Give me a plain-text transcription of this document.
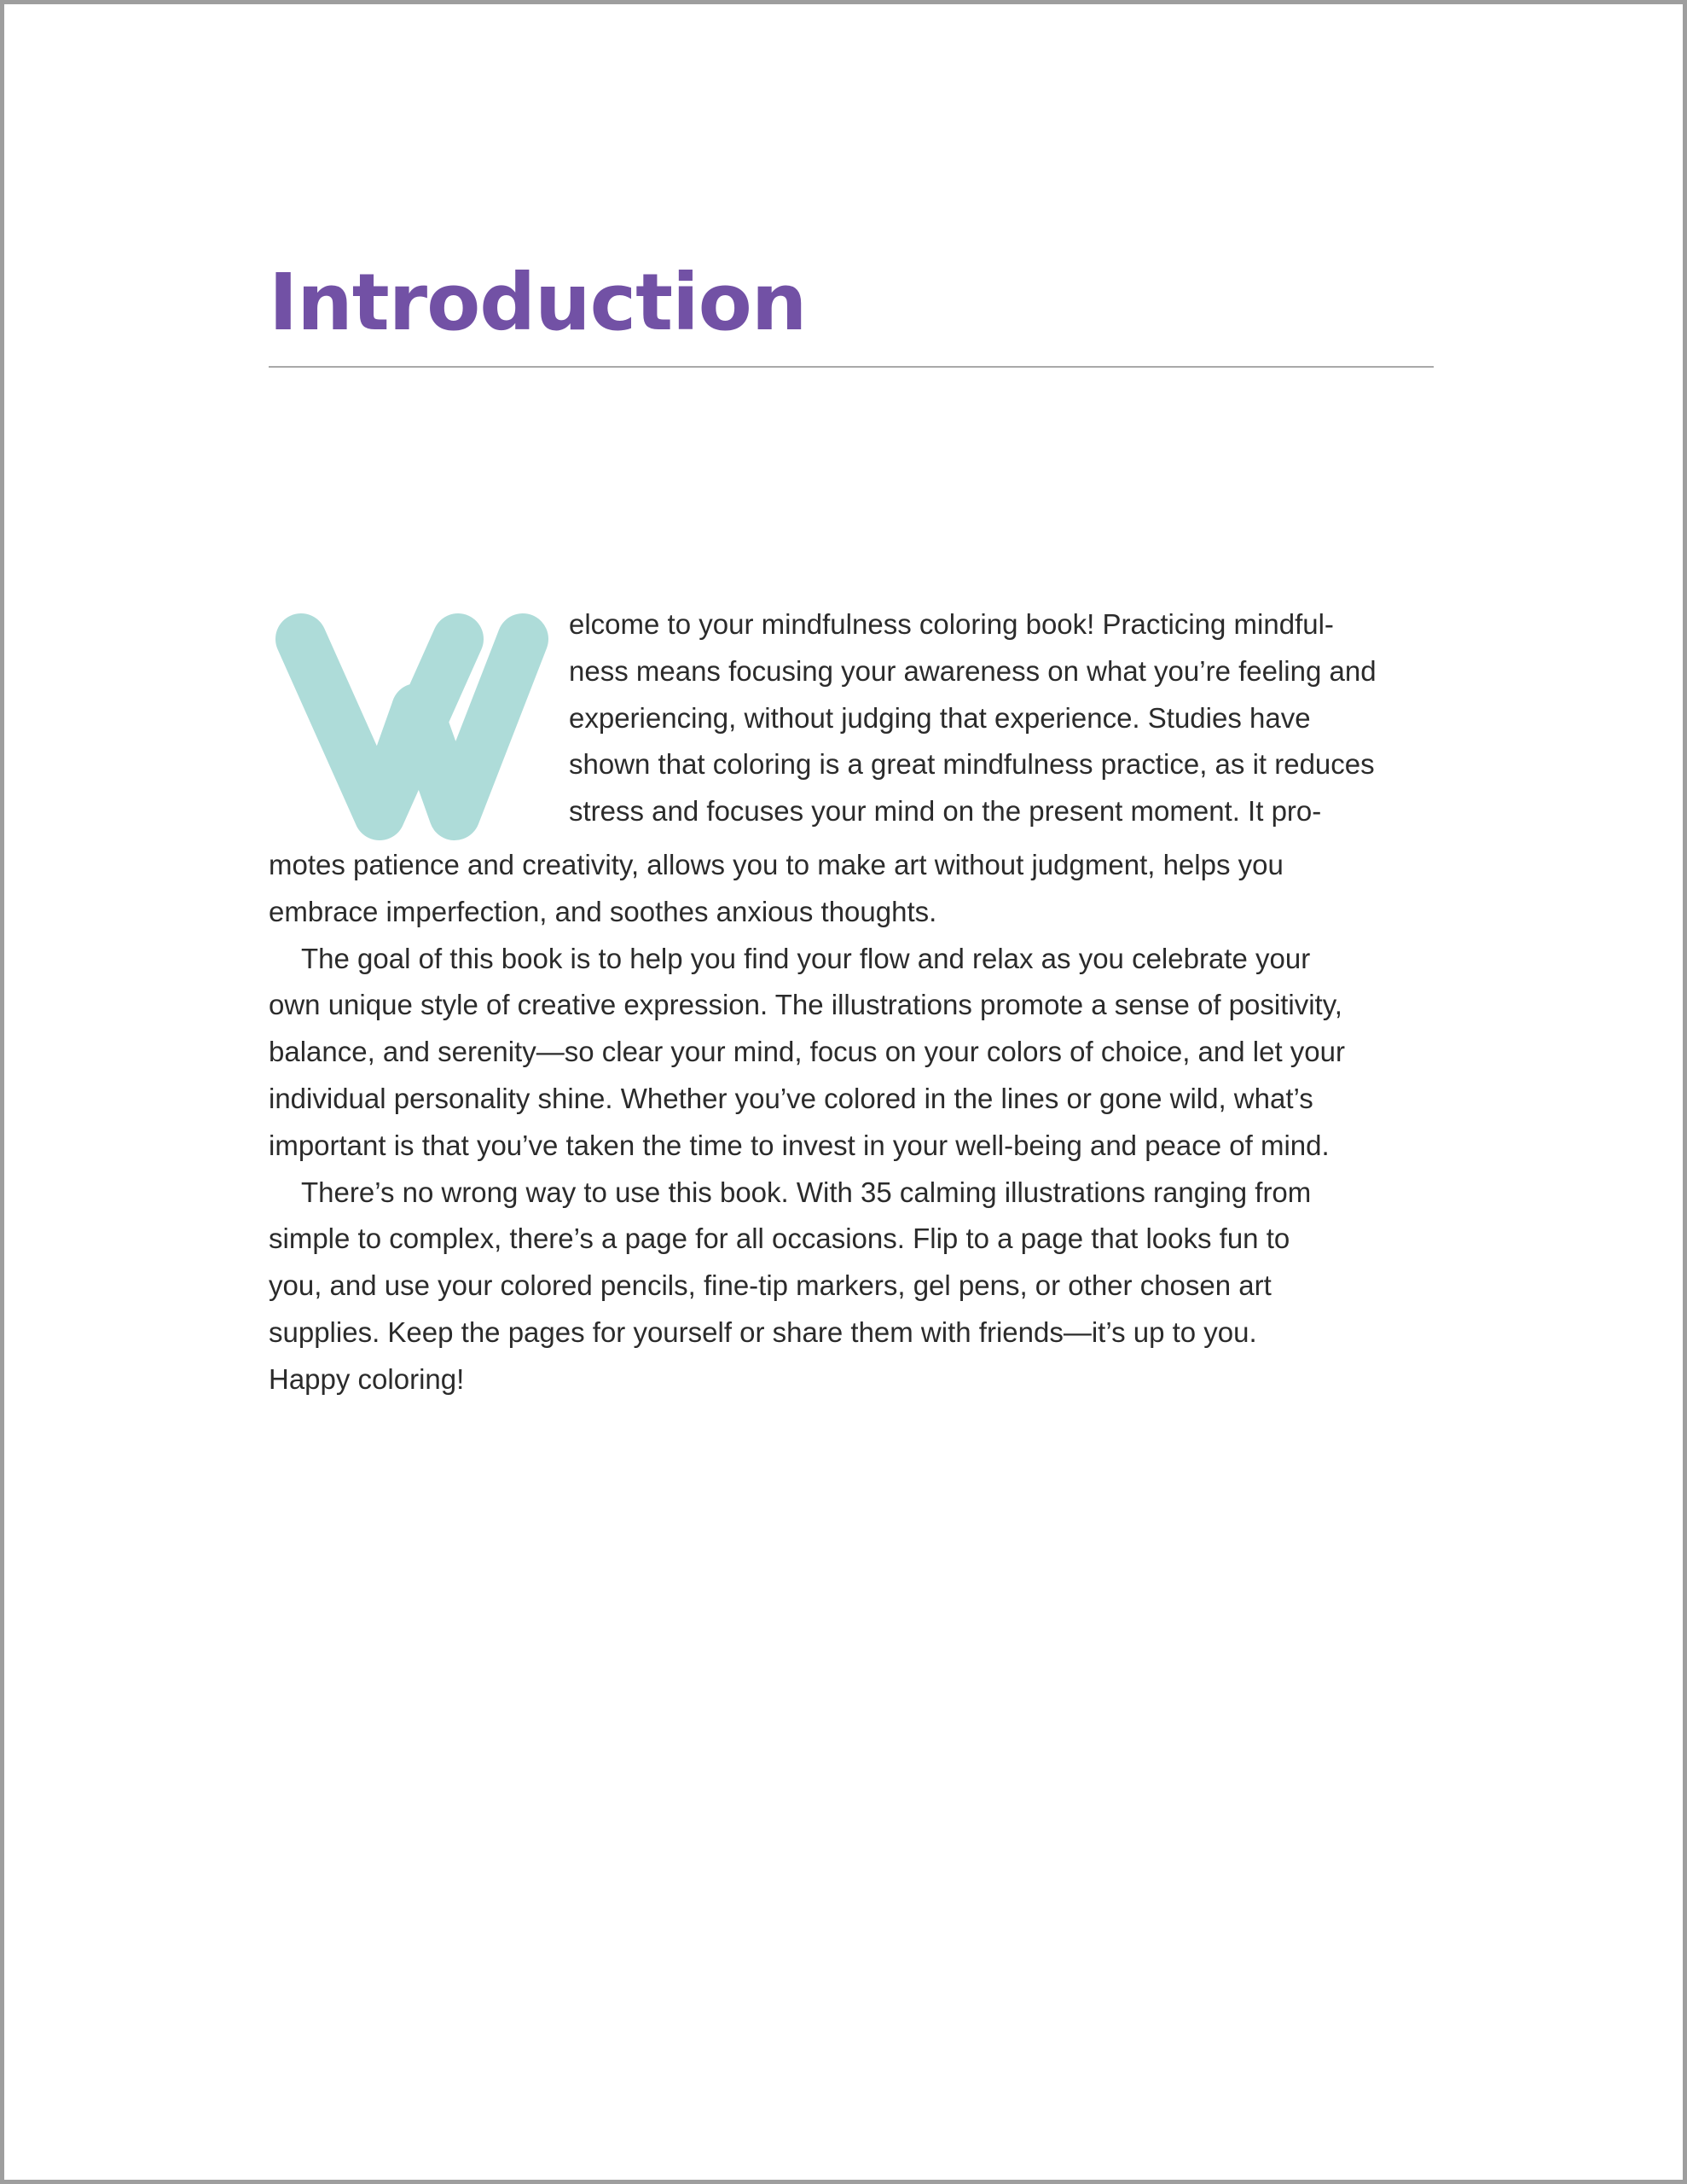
Introduction

elcome to your mindfulness coloring book! Practicing mindful-
ness means focusing your awareness on what you’re feeling and
experiencing, without judging that experience. Studies have
shown that coloring is a great mindfulness practice, as it reduces
stress and focuses your mind on the present moment. It pro-
motes patience and creativity, allows you to make art without judgment, helps you
embrace imperfection, and soothes anxious thoughts.

The goal of this book is to help you find your flow and relax as you celebrate your
own unique style of creative expression. The illustrations promote a sense of positivity,
balance, and serenity—so clear your mind, focus on your colors of choice, and let your
individual personality shine. Whether you’ve colored in the lines or gone wild, what’s
important is that you’ve taken the time to invest in your well-being and peace of mind.

There’s no wrong way to use this book. With 35 calming illustrations ranging from
simple to complex, there’s a page for all occasions. Flip to a page that looks fun to
you, and use your colored pencils, fine-tip markers, gel pens, or other chosen art
supplies. Keep the pages for yourself or share them with friends—it’s up to you.
Happy coloring!
